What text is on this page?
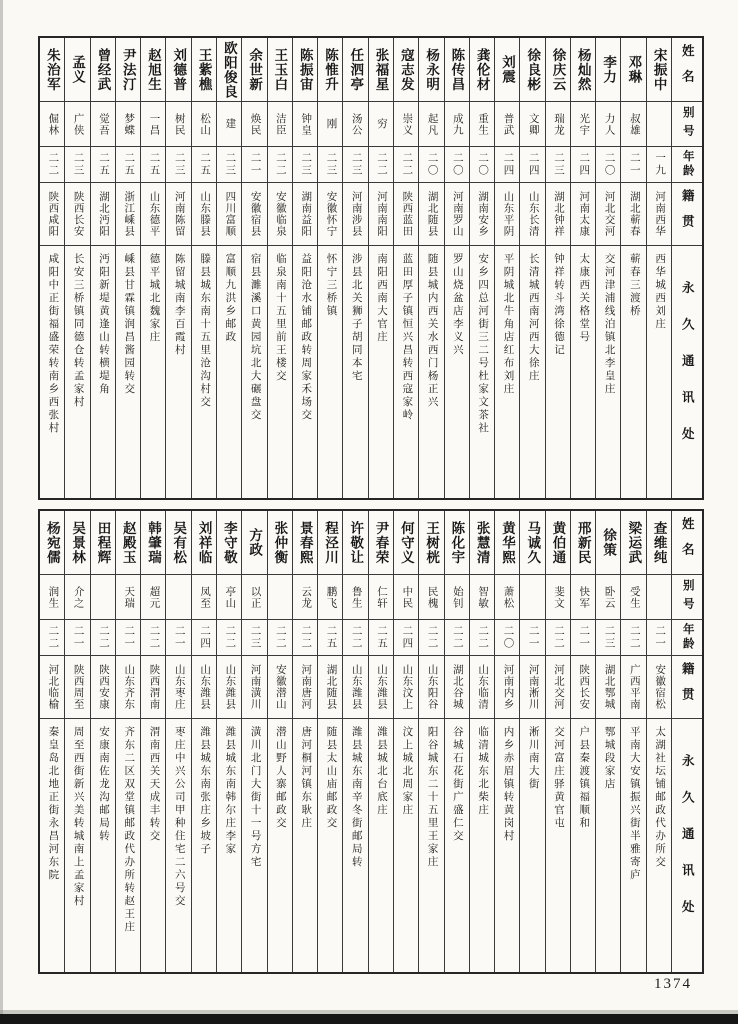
朱治军
倔林
二二
陕西咸阳
咸阳中正街福盛荣转南乡西张村
孟义
广侠
二三
陕西长安
长安三桥镇同德仓转孟家村
曾经武
觉吾
二五
湖北沔阳
沔阳新堤黄逢山转横堤角
尹法汀
梦蝶
二五
浙江嵊县
嵊县甘霖镇润昌酱园转交
赵旭生
一昌
二五
山东德平
德平城北魏家庄
刘德普
树民
二三
河南陈留
陈留城南李百霞村
王紫樵
松山
二五
山东滕县
滕县城东南十五里沧沟村交
欧阳俊良
建
二三
四川富顺
富顺九洪乡邮政
余世新
焕民
二一
安徽宿县
宿县濉溪口黄园坑北大碾盘交
王玉白
洁臣
二二
安徽临泉
临泉南十五里前王楼交
陈振宙
钟皇
二三
湖南益阳
益阳沧水铺邮政转周家禾场交
陈惟升
刚
二三
安徽怀宁
怀宁三桥镇
任泗亭
汤公
二三
河南涉县
涉县北关狮子胡同本宅
张福星
穷
二二
河南南阳
南阳西南大官庄
寇志发
崇义
二二
陕西蓝田
蓝田厚子镇恒兴昌转西寇家岭
杨永明
起凡
二〇
湖北随县
随县城内西关水西门杨正兴
陈传昌
成九
二〇
河南罗山
罗山烧盆店李义兴
龚伦材
重生
二〇
湖南安乡
安乡四总河街三二号杜家文茶社
刘震
普武
二四
山东平阴
平阴城北牛角店红布刘庄
徐良彬
文卿
二四
山东长清
长清城西南河西大徐庄
徐庆云
瑞龙
二三
湖北钟祥
钟祥转斗湾徐德记
杨灿然
光宇
二四
河南太康
太康西关格堂号
李力
力人
二〇
河北交河
交河津浦线泊镇北李皇庄
邓琳
叔雄
二一
湖北蕲春
蕲春三渡桥
宋振中
一九
河南西华
西华城西刘庄
姓名
别号
年龄
籍贯
永久通讯处
杨宛儒
润生
二二
河北临榆
秦皇岛北地正街永昌河东院
吴景林
介之
二一
陕西周至
周至西街新兴美转城南上孟家村
田程辉
二二
陕西安康
安康南佐龙沟邮局转
赵殿玉
天瑞
二一
山东齐东
齐东二区双堂镇邮政代办所转赵王庄
韩肇瑞
超元
二二
陕西渭南
渭南西关天成丰转交
吴有松
二一
山东枣庄
枣庄中兴公司甲种住宅二六号交
刘祥临
凤至
二四
山东潍县
潍县城东南张庄乡坡子
李守敬
亭山
二二
山东潍县
潍县城东南韩尔庄李家
方政
以正
二三
河南潢川
潢川北门大街十一号方宅
张仲衡
二二
安徽潜山
潜山野人寨邮政交
景春熙
云龙
二二
河南唐河
唐河桐河镇东耿庄
程泾川
鹏飞
二五
湖北随县
随县太山庙邮政交
许敬让
鲁生
二二
山东潍县
潍县城东南辛冬街邮局转
尹春荣
仁轩
二五
山东潍县
潍县城北台底庄
何守义
中民
二四
山东汶上
汶上城北周家庄
王树桄
民槐
二二
山东阳谷
阳谷城东二十五里王家庄
陈化宇
始钊
二二
湖北谷城
谷城石花街广盛仁交
张慧清
智敏
二二
山东临清
临清城东北柴庄
黄华熙
萧松
二〇
河南内乡
内乡赤眉镇转黄岗村
马诚久
二一
河南淅川
淅川南大街
黄伯通
斐文
二二
河北交河
交河富庄驿黄官屯
邢新民
快军
二一
陕西长安
户县秦渡镇福顺和
徐策
卧云
二三
湖北鄂城
鄂城段家店
梁运武
受生
二二
广西平南
平南大安镇振兴街半雅寄庐
查维纯
二一
安徽宿松
太湖社坛铺邮政代办所交
姓名
别号
年龄
籍贯
永久通讯处
1374
